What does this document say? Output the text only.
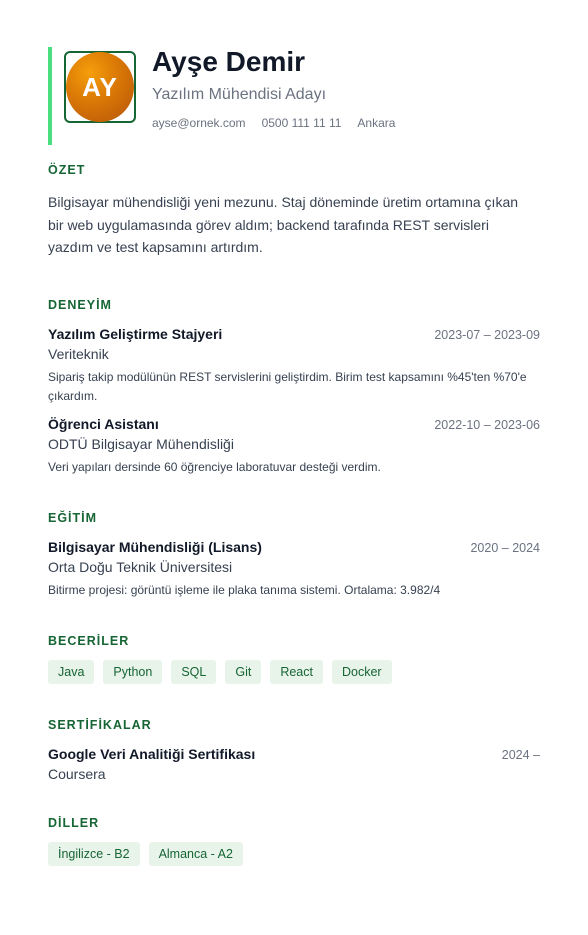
AY
Ayşe Demir
Yazılım Mühendisi Adayı
ayse@ornek.com 0500 111 11 11 Ankara
ÖZET
Bilgisayar mühendisliği yeni mezunu. Staj döneminde üretim ortamına çıkan bir web uygulamasında görev aldım; backend tarafında REST servisleri yazdım ve test kapsamını artırdım.
DENEYİM
Yazılım Geliştirme Stajyeri	2023-07 – 2023-09
Veriteknik
Sipariş takip modülünün REST servislerini geliştirdim. Birim test kapsamını %45'ten %70'e çıkardım.
Öğrenci Asistanı	2022-10 – 2023-06
ODTÜ Bilgisayar Mühendisliği
Veri yapıları dersinde 60 öğrenciye laboratuvar desteği verdim.
EĞİTİM
Bilgisayar Mühendisliği (Lisans)	2020 – 2024
Orta Doğu Teknik Üniversitesi
Bitirme projesi: görüntü işleme ile plaka tanıma sistemi. Ortalama: 3.982/4
BECERİLER
Java	Python	SQL	Git	React	Docker
SERTİFİKALAR
Google Veri Analitiği Sertifikası	2024 –
Coursera
DİLLER
İngilizce - B2	Almanca - A2
